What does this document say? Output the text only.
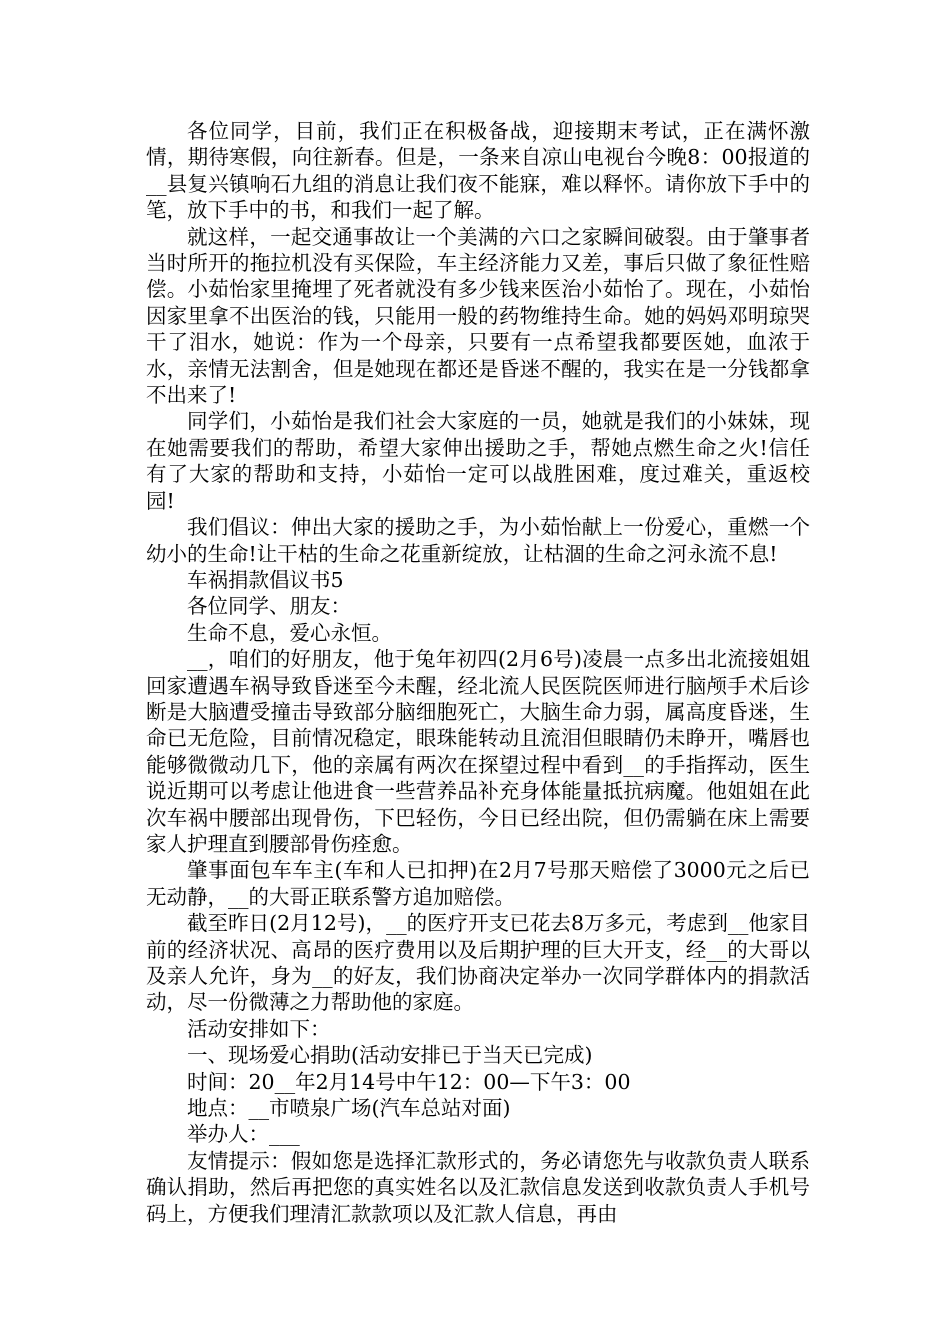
各位同学，目前，我们正在积极备战，迎接期末考试，正在满怀激情，期待寒假，向往新春。但是，一条来自凉山电视台今晚8：00报道的__县复兴镇响石九组的消息让我们夜不能寐，难以释怀。请你放下手中的笔，放下手中的书，和我们一起了解。

就这样，一起交通事故让一个美满的六口之家瞬间破裂。由于肇事者当时所开的拖拉机没有买保险，车主经济能力又差，事后只做了象征性赔偿。小茹怡家里掩埋了死者就没有多少钱来医治小茹怡了。现在，小茹怡因家里拿不出医治的钱，只能用一般的药物维持生命。她的妈妈邓明琼哭干了泪水，她说：作为一个母亲，只要有一点希望我都要医她，血浓于水，亲情无法割舍，但是她现在都还是昏迷不醒的，我实在是一分钱都拿不出来了!

同学们，小茹怡是我们社会大家庭的一员，她就是我们的小妹妹，现在她需要我们的帮助，希望大家伸出援助之手，帮她点燃生命之火!信任有了大家的帮助和支持，小茹怡一定可以战胜困难，度过难关，重返校园!

我们倡议：伸出大家的援助之手，为小茹怡献上一份爱心，重燃一个幼小的生命!让干枯的生命之花重新绽放，让枯涸的生命之河永流不息!

车祸捐款倡议书5

各位同学、朋友：

生命不息，爱心永恒。

__，咱们的好朋友，他于兔年初四(2月6号)凌晨一点多出北流接姐姐回家遭遇车祸导致昏迷至今未醒，经北流人民医院医师进行脑颅手术后诊断是大脑遭受撞击导致部分脑细胞死亡，大脑生命力弱，属高度昏迷，生命已无危险，目前情况稳定，眼珠能转动且流泪但眼睛仍未睁开，嘴唇也能够微微动几下，他的亲属有两次在探望过程中看到__的手指挥动，医生说近期可以考虑让他进食一些营养品补充身体能量抵抗病魔。他姐姐在此次车祸中腰部出现骨伤，下巴轻伤，今日已经出院，但仍需躺在床上需要家人护理直到腰部骨伤痊愈。

肇事面包车车主(车和人已扣押)在2月7号那天赔偿了3000元之后已无动静，__的大哥正联系警方追加赔偿。

截至昨日(2月12号)，__的医疗开支已花去8万多元，考虑到__他家目前的经济状况、高昂的医疗费用以及后期护理的巨大开支，经__的大哥以及亲人允许，身为__的好友，我们协商决定举办一次同学群体内的捐款活动，尽一份微薄之力帮助他的家庭。

活动安排如下：

一、现场爱心捐助(活动安排已于当天已完成)

时间：20__年2月14号中午12：00—下午3：00

地点：__市喷泉广场(汽车总站对面)

举办人：___

友情提示：假如您是选择汇款形式的，务必请您先与收款负责人联系确认捐助，然后再把您的真实姓名以及汇款信息发送到收款负责人手机号码上，方便我们理清汇款款项以及汇款人信息，再由
